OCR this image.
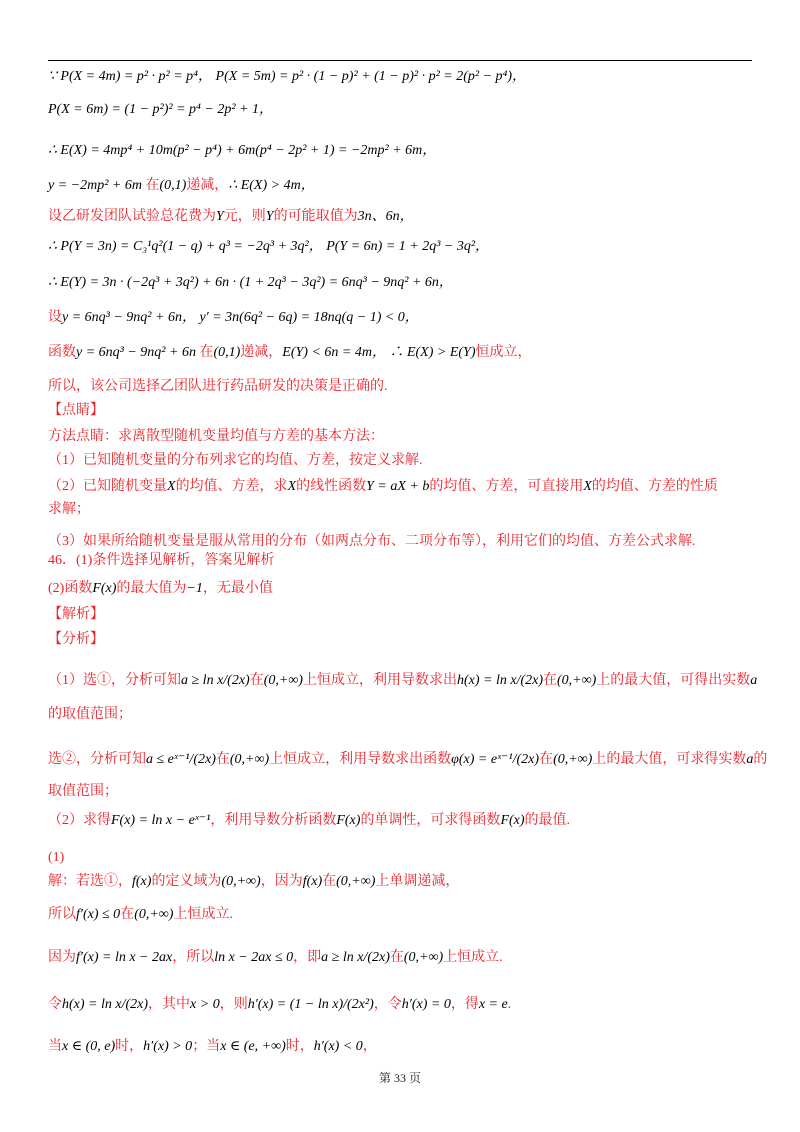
∵ P(X = 4m) = p² · p² = p⁴， P(X = 5m) = p² · (1 − p)² + (1 − p)² · p² = 2(p² − p⁴)，
P(X = 6m) = (1 − p²)² = p⁴ − 2p² + 1，
∴ E(X) = 4mp⁴ + 10m(p² − p⁴) + 6m(p⁴ − 2p² + 1) = −2mp² + 6m，
y = −2mp² + 6m 在(0,1)递减，∴ E(X) > 4m，
设乙研发团队试验总花费为Y元，则Y的可能取值为3n、6n，
∴ P(Y = 3n) = C₃¹q²(1 − q) + q³ = −2q³ + 3q²， P(Y = 6n) = 1 + 2q³ − 3q²，
∴ E(Y) = 3n · (−2q³ + 3q²) + 6n · (1 + 2q³ − 3q²) = 6nq³ − 9nq² + 6n，
设y = 6nq³ − 9nq² + 6n， y′ = 3n(6q² − 6q) = 18nq(q − 1) < 0，
函数y = 6nq³ − 9nq² + 6n 在(0,1)递减，E(Y) < 6n = 4m， ∴ E(X) > E(Y)恒成立，
所以，该公司选择乙团队进行药品研发的决策是正确的.
【点睛】
方法点睛：求离散型随机变量均值与方差的基本方法：
（1）已知随机变量的分布列求它的均值、方差，按定义求解.
（2）已知随机变量X的均值、方差，求X的线性函数Y = aX + b的均值、方差，可直接用X的均值、方差的性质
求解；
（3）如果所给随机变量是服从常用的分布（如两点分布、二项分布等），利用它们的均值、方差公式求解.
46．(1)条件选择见解析，答案见解析
(2)函数F(x)的最大值为−1，无最小值
【解析】
【分析】
（1）选①，分析可知a ≥ ln x/(2x)在(0,+∞)上恒成立，利用导数求出h(x) = ln x/(2x)在(0,+∞)上的最大值，可得出实数a
的取值范围；
选②，分析可知a ≤ eˣ⁻¹/(2x)在(0,+∞)上恒成立，利用导数求出函数φ(x) = eˣ⁻¹/(2x)在(0,+∞)上的最大值，可求得实数a的
取值范围；
（2）求得F(x) = ln x − eˣ⁻¹，利用导数分析函数F(x)的单调性，可求得函数F(x)的最值.
(1)
解：若选①，f(x)的定义域为(0,+∞)，因为f(x)在(0,+∞)上单调递减，
所以f′(x) ≤ 0在(0,+∞)上恒成立.
因为f′(x) = ln x − 2ax，所以ln x − 2ax ≤ 0，即a ≥ ln x/(2x)在(0,+∞)上恒成立.
令h(x) = ln x/(2x)，其中x > 0，则h′(x) = (1 − ln x)/(2x²)，令h′(x) = 0，得x = e.
当x ∈ (0, e)时，h′(x) > 0；当x ∈ (e, +∞)时，h′(x) < 0，
第 33 页
